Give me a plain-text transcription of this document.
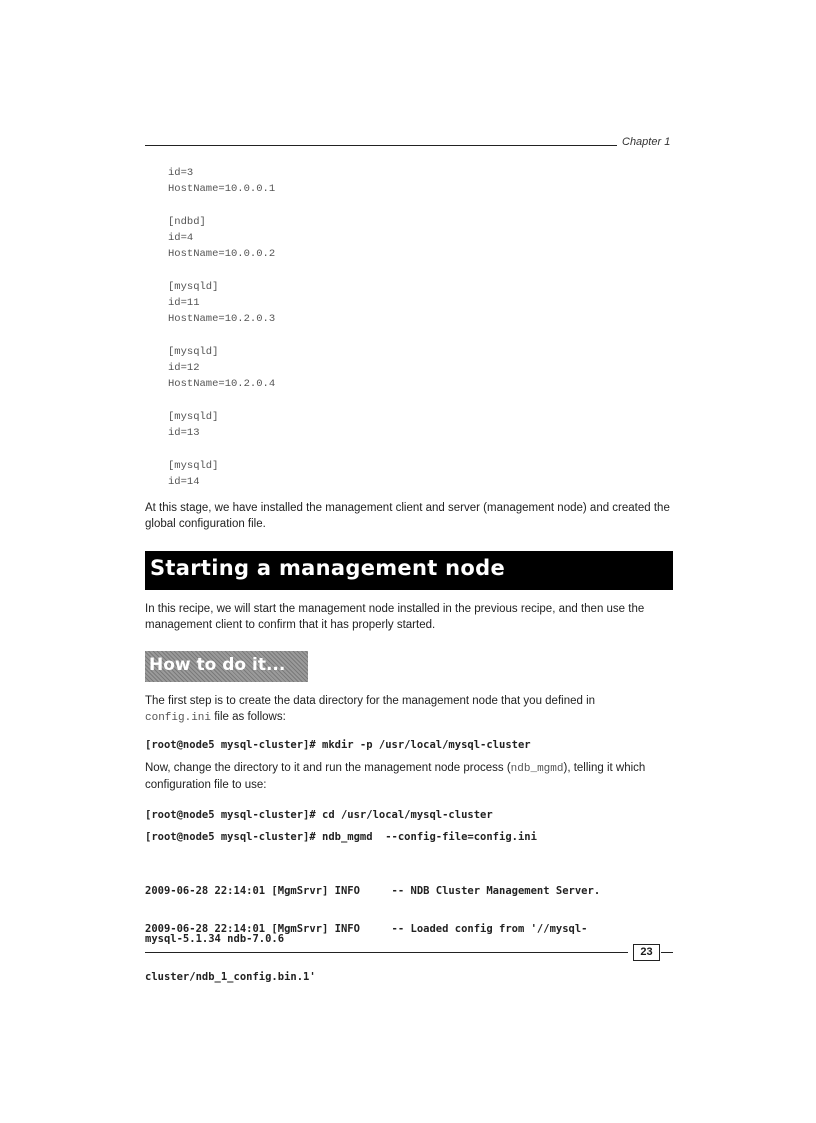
Chapter 1
id=3
HostName=10.0.0.1
[ndbd]
id=4
HostName=10.0.0.2
[mysqld]
id=11
HostName=10.2.0.3
[mysqld]
id=12
HostName=10.2.0.4
[mysqld]
id=13
[mysqld]
id=14
At this stage, we have installed the management client and server (management node) and created the global configuration file.
Starting a management node
In this recipe, we will start the management node installed in the previous recipe, and then use the management client to confirm that it has properly started.
How to do it...
The first step is to create the data directory for the management node that you defined in
config.ini file as follows:
[root@node5 mysql-cluster]# mkdir -p /usr/local/mysql-cluster
Now, change the directory to it and run the management node process (ndb_mgmd), telling it which configuration file to use:
[root@node5 mysql-cluster]# cd /usr/local/mysql-cluster
[root@node5 mysql-cluster]# ndb_mgmd  --config-file=config.ini

2009-06-28 22:14:01 [MgmSrvr] INFO     -- NDB Cluster Management Server.

mysql-5.1.34 ndb-7.0.6

2009-06-28 22:14:01 [MgmSrvr] INFO     -- Loaded config from '//mysql-

cluster/ndb_1_config.bin.1'

23
